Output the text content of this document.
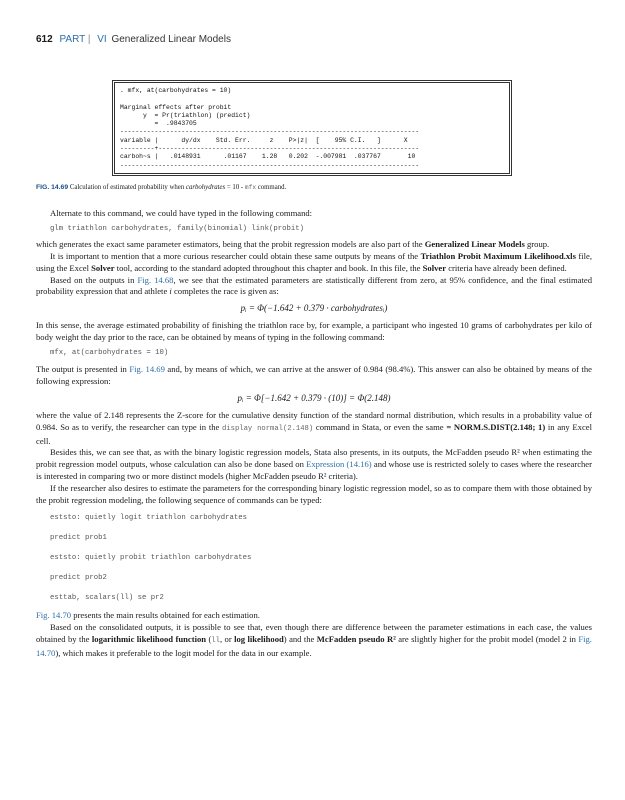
612 PART | VI Generalized Linear Models
. mfx, at(carbohydrates = 10)

Marginal effects after probit
y  = Pr(triathlon) (predict)
=  .9843705
------------------------------------------------------------------------------
variable |      dy/dx    Std. Err.     z    P>|z|  [    95% C.I.   ]      X
---------+--------------------------------------------------------------------
carboh~s |   .0148931      .01167    1.28   0.202  -.007981  .037767       10
------------------------------------------------------------------------------
FIG. 14.69 Calculation of estimated probability when carbohydrates = 10 - mfx command.

Alternate to this command, we could have typed in the following command:

glm triathlon carbohydrates, family(binomial) link(probit)

which generates the exact same parameter estimators, being that the probit regression models are also part of the Generalized Linear Models group.

It is important to mention that a more curious researcher could obtain these same outputs by means of the Triathlon Probit Maximum Likelihood.xls file, using the Excel Solver tool, according to the standard adopted throughout this chapter and book. In this file, the Solver criteria have already been defined.

Based on the outputs in Fig. 14.68, we see that the estimated parameters are statistically different from zero, at 95% confidence, and the final estimated probability expression that and athlete i completes the race is given as:

pᵢ = Φ(−1.642 + 0.379 · carbohydratesᵢ)

In this sense, the average estimated probability of finishing the triathlon race by, for example, a participant who ingested 10 grams of carbohydrates per kilo of body weight the day prior to the race, can be obtained by means of typing in the following command:

mfx, at(carbohydrates = 10)

The output is presented in Fig. 14.69 and, by means of which, we can arrive at the answer of 0.984 (98.4%). This answer can also be obtained by means of the following expression:

pᵢ = Φ[−1.642 + 0.379 · (10)] = Φ(2.148)

where the value of 2.148 represents the Z-score for the cumulative density function of the standard normal distribution, which results in a probability value of 0.984. So as to verify, the researcher can type in the display normal(2.148) command in Stata, or even the same = NORM.S.DIST(2.148; 1) in any Excel cell.

Besides this, we can see that, as with the binary logistic regression models, Stata also presents, in its outputs, the McFadden pseudo R² when estimating the probit regression model outputs, whose calculation can also be done based on Expression (14.16) and whose use is restricted solely to cases where the researcher is interested in comparing two or more distinct models (higher McFadden pseudo R² criteria).

If the researcher also desires to estimate the parameters for the corresponding binary logistic regression model, so as to compare them with those obtained by the probit regression modeling, the following sequence of commands can be typed:

eststo: quietly logit triathlon carbohydrates

predict prob1

eststo: quietly probit triathlon carbohydrates

predict prob2

esttab, scalars(ll) se pr2

Fig. 14.70 presents the main results obtained for each estimation.

Based on the consolidated outputs, it is possible to see that, even though there are difference between the parameter estimations in each case, the values obtained by the logarithmic likelihood function (ll, or log likelihood) and the McFadden pseudo R² are slightly higher for the probit model (model 2 in Fig. 14.70), which makes it preferable to the logit model for the data in our example.
